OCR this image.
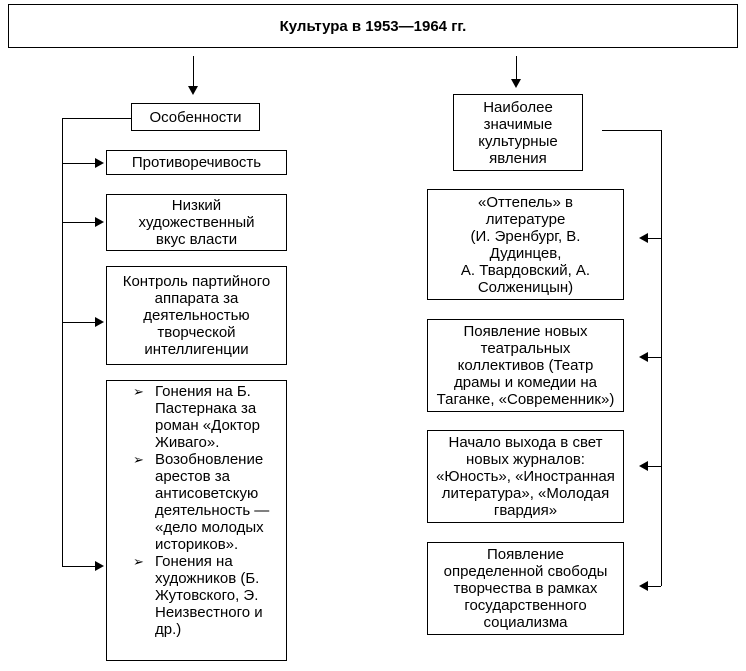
Культура в 1953—1964 гг.
Особенности
Противоречивость
Низкий
художественный
вкус власти
Контроль партийного
аппарата за
деятельностью
творческой
интеллигенции
➢ Гонения на Б.
Пастернака за
роман «Доктор
Живаго».
➢ Возобновление
арестов за
антисоветскую
деятельность —
«дело молодых
историков».
➢ Гонения на
художников (Б.
Жутовского, Э.
Неизвестного и
др.)
Наиболее
значимые
культурные
явления
«Оттепель» в
литературе
(И. Эренбург, В.
Дудинцев,
А. Твардовский, А.
Солженицын)
Появление новых
театральных
коллективов (Театр
драмы и комедии на
Таганке, «Современник»)
Начало выхода в свет
новых журналов:
«Юность», «Иностранная
литература», «Молодая
гвардия»
Появление
определенной свободы
творчества в рамках
государственного
социализма
